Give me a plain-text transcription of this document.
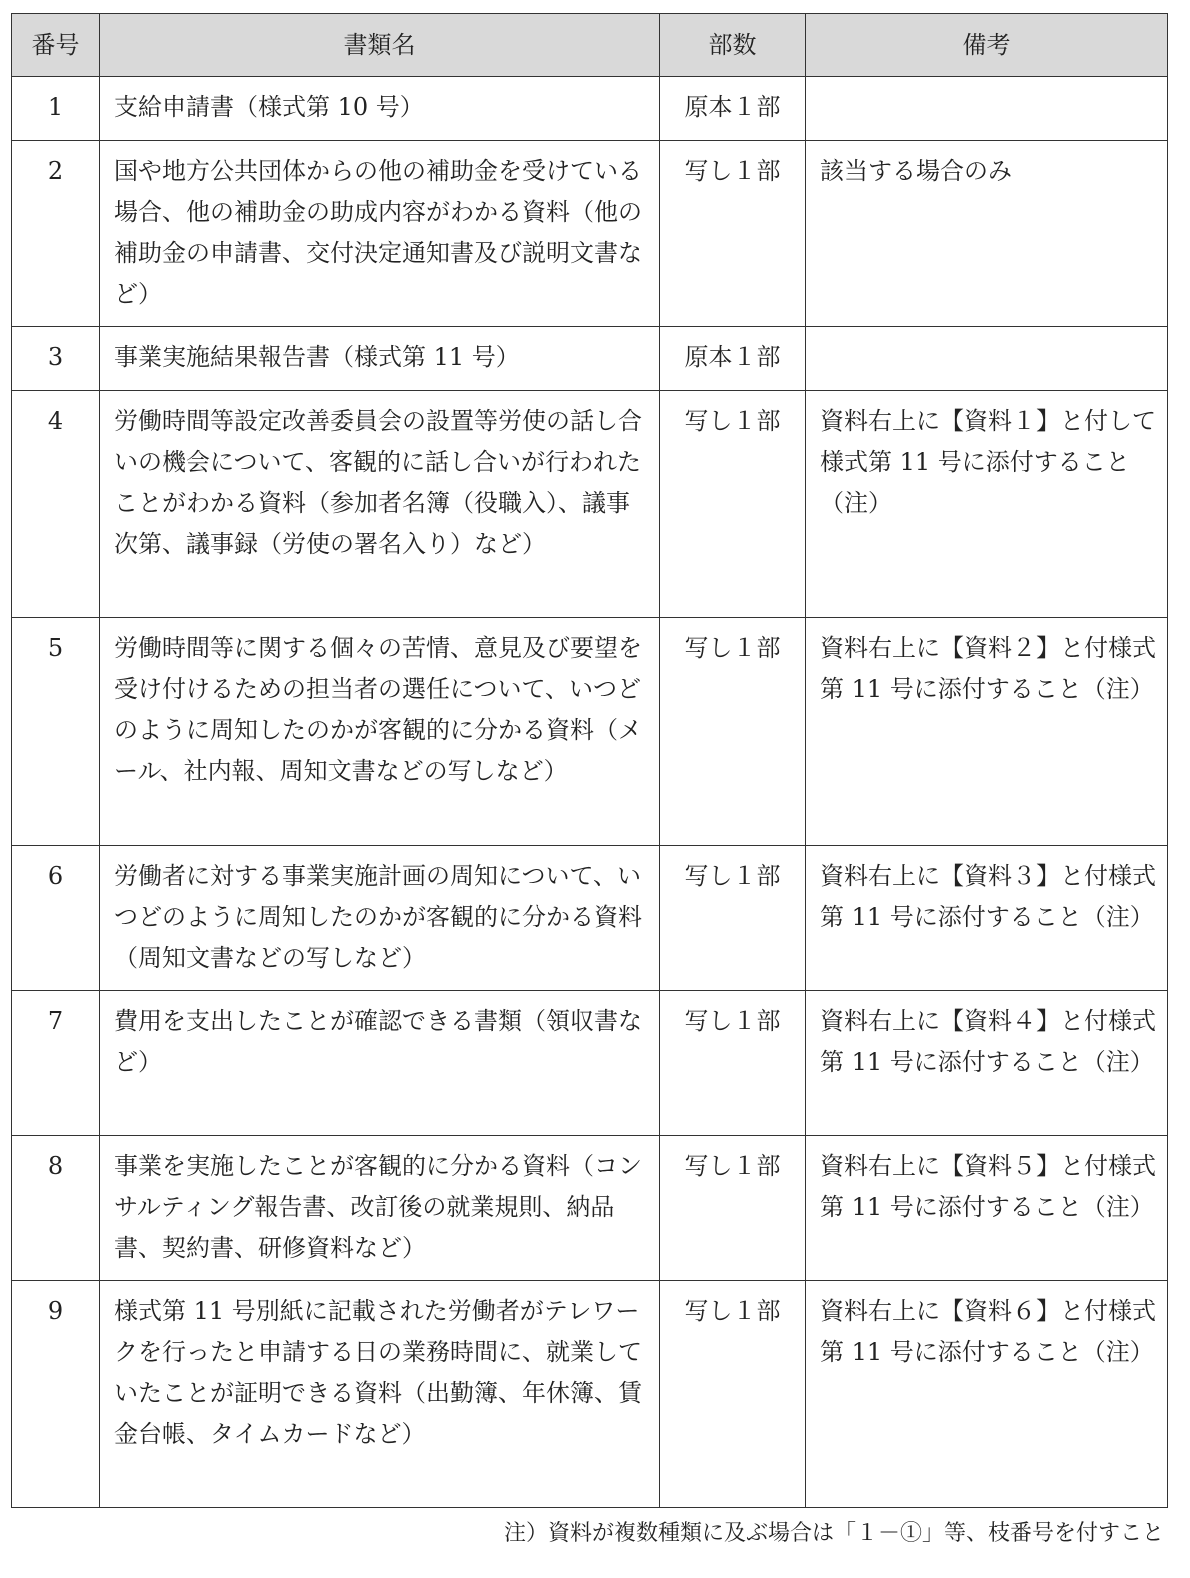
番号	書類名	部数	備考
1	支給申請書（様式第 10 号）	原本１部	
2	国や地方公共団体からの他の補助金を受けている場合、他の補助金の助成内容がわかる資料（他の補助金の申請書、交付決定通知書及び説明文書など）	写し１部	該当する場合のみ
3	事業実施結果報告書（様式第 11 号）	原本１部	
4	労働時間等設定改善委員会の設置等労使の話し合いの機会について、客観的に話し合いが行われたことがわかる資料（参加者名簿（役職入）、議事次第、議事録（労使の署名入り）など）	写し１部	資料右上に【資料１】と付して様式第 11 号に添付すること（注）
5	労働時間等に関する個々の苦情、意見及び要望を受け付けるための担当者の選任について、いつどのように周知したのかが客観的に分かる資料（メール、社内報、周知文書などの写しなど）	写し１部	資料右上に【資料２】と付様式第 11 号に添付すること（注）
6	労働者に対する事業実施計画の周知について、いつどのように周知したのかが客観的に分かる資料（周知文書などの写しなど）	写し１部	資料右上に【資料３】と付様式第 11 号に添付すること（注）
7	費用を支出したことが確認できる書類（領収書など）	写し１部	資料右上に【資料４】と付様式第 11 号に添付すること（注）
8	事業を実施したことが客観的に分かる資料（コンサルティング報告書、改訂後の就業規則、納品書、契約書、研修資料など）	写し１部	資料右上に【資料５】と付様式第 11 号に添付すること（注）
9	様式第 11 号別紙に記載された労働者がテレワークを行ったと申請する日の業務時間に、就業していたことが証明できる資料（出勤簿、年休簿、賃金台帳、タイムカードなど）	写し１部	資料右上に【資料６】と付様式第 11 号に添付すること（注）
注）資料が複数種類に及ぶ場合は「１－①」等、枝番号を付すこと
